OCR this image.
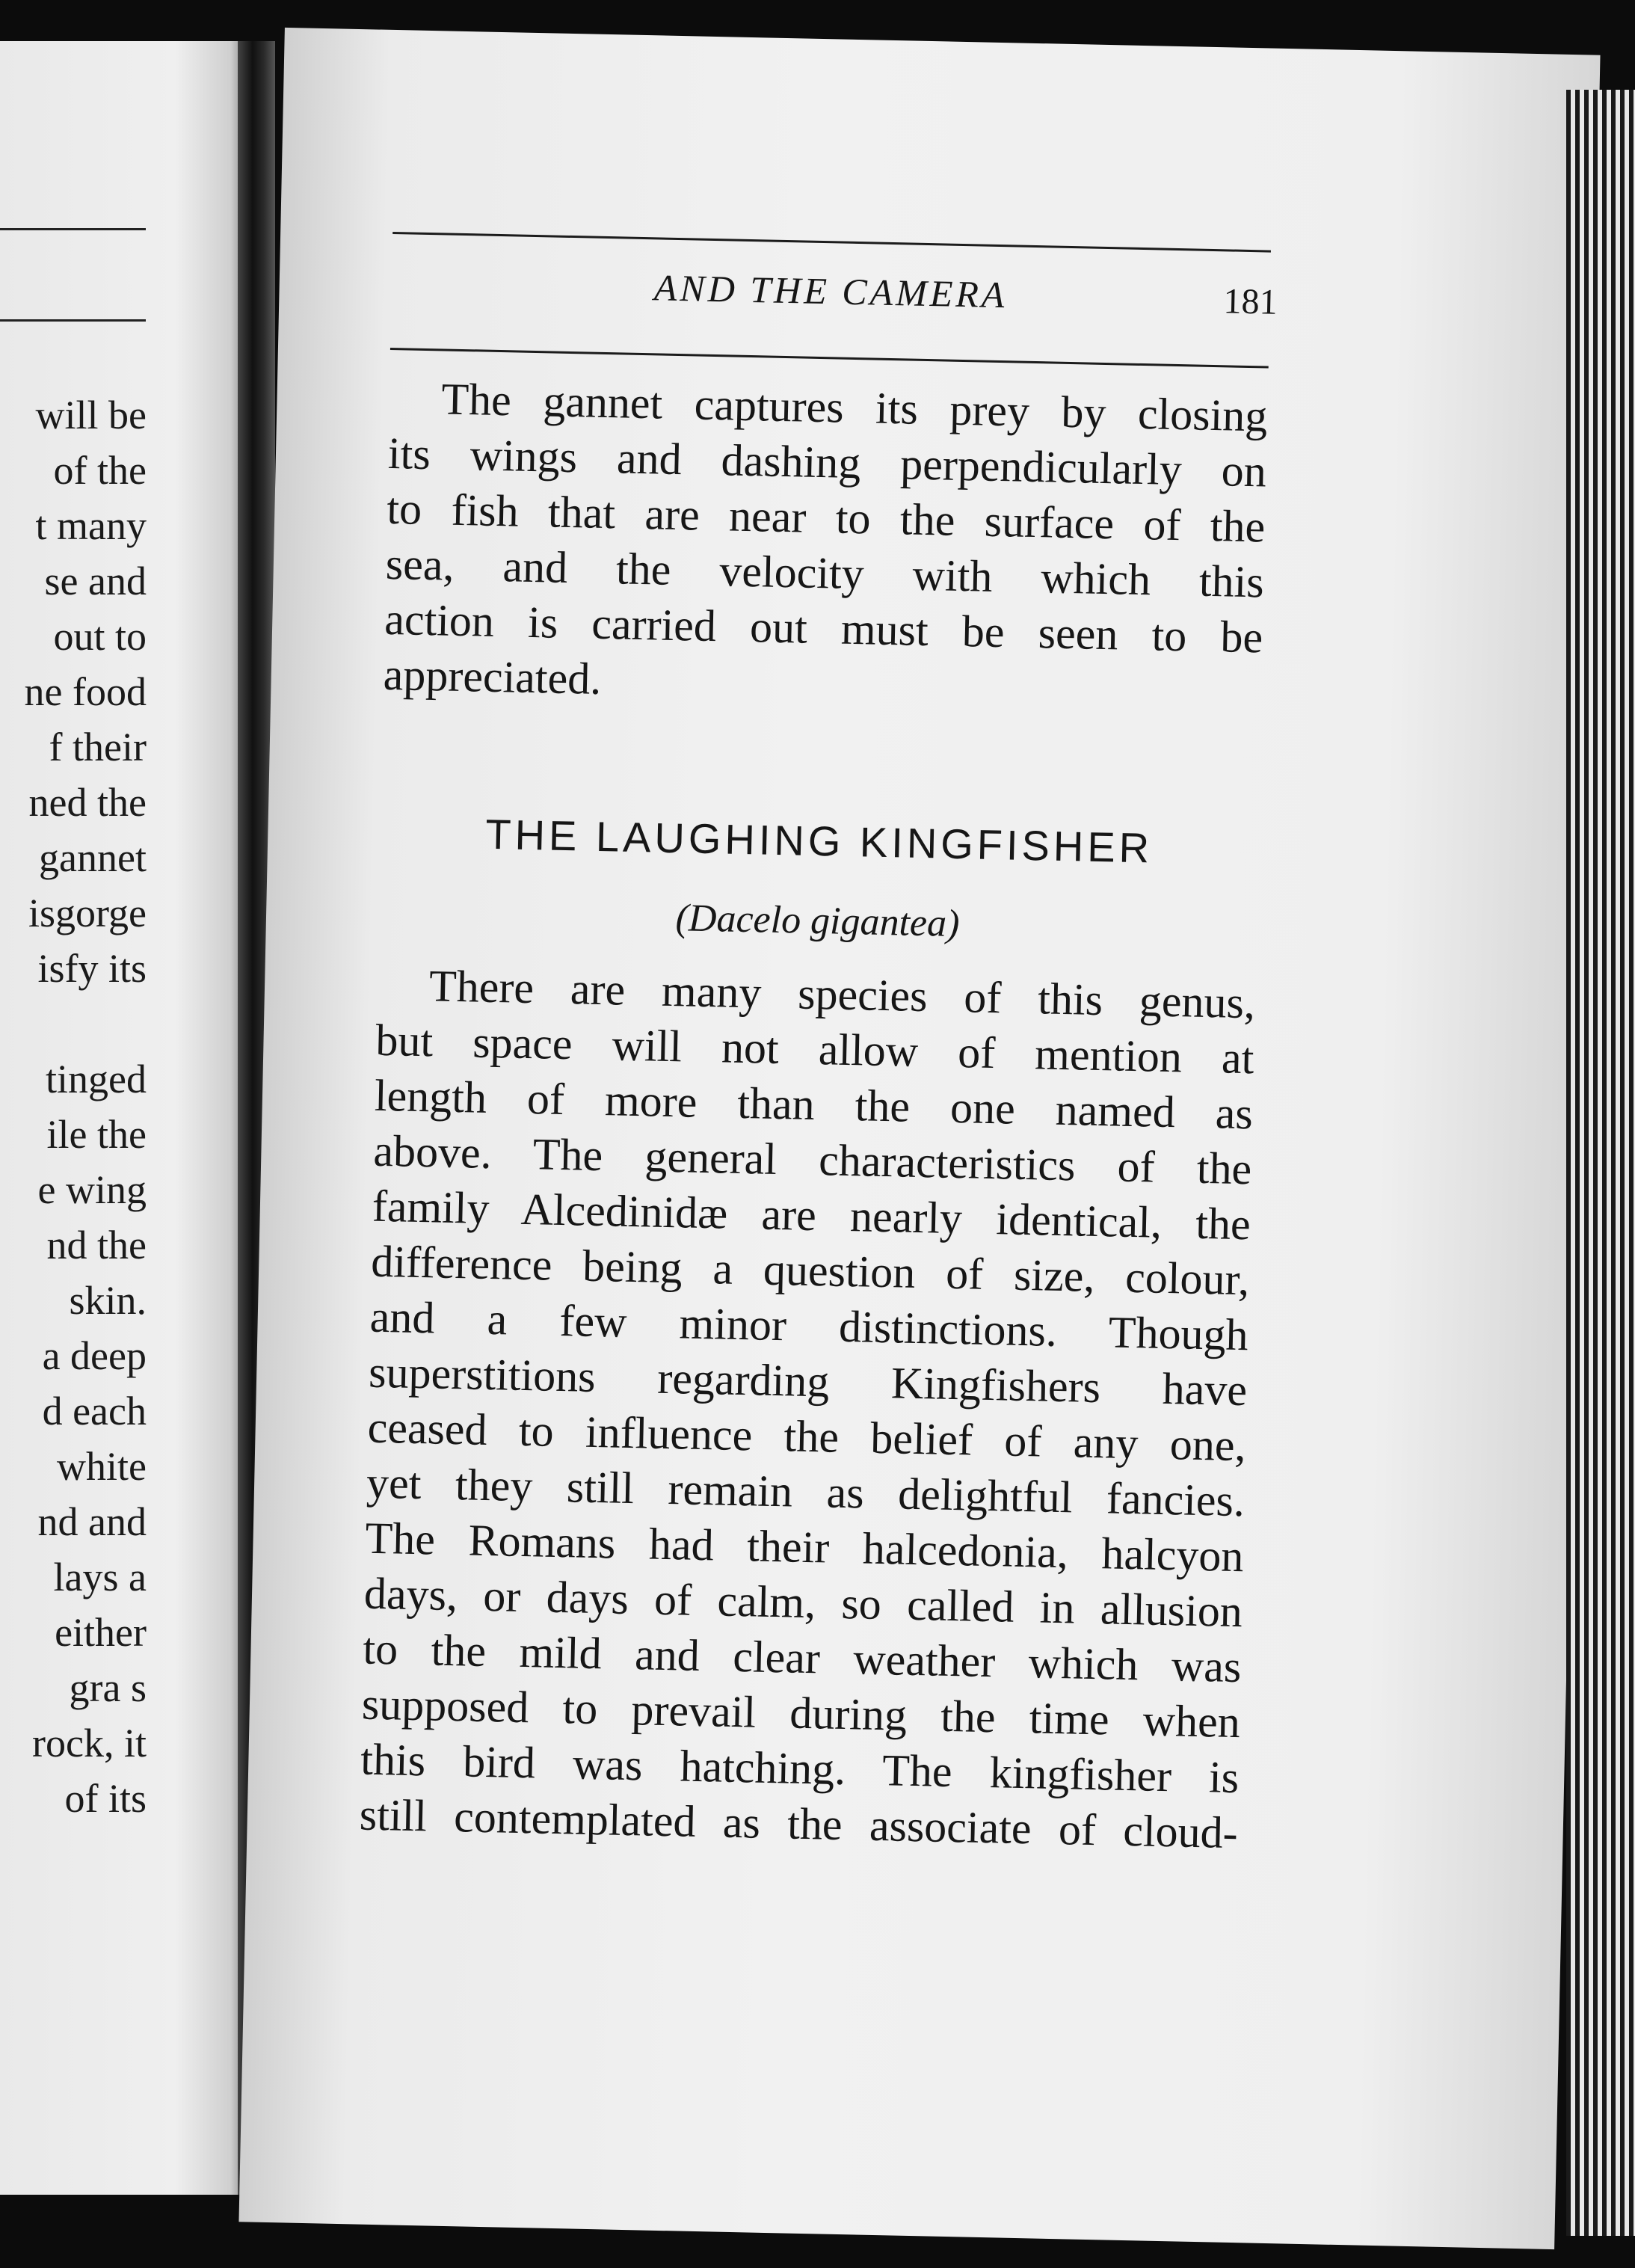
will be
of the
t many
se and
out to
ne food
f their
ned the
gannet
isgorge
isfy its
tinged
ile the
e wing
nd the
skin.
a deep
d each
white
nd and
lays a
either
gra s
rock, it
of its
AND THE CAMERA	181
The gannet captures its prey by closing
its wings and dashing perpendicularly on
to fish that are near to the surface of the
sea, and the velocity with which this
action is carried out must be seen to be
appreciated.
THE LAUGHING KINGFISHER
(Dacelo gigantea)
There are many species of this genus,
but space will not allow of mention at
length of more than the one named as
above. The general characteristics of the
family Alcedinidæ are nearly identical, the
difference being a question of size, colour,
and a few minor distinctions. Though
superstitions regarding Kingfishers have
ceased to influence the belief of any one,
yet they still remain as delightful fancies.
The Romans had their halcedonia, halcyon
days, or days of calm, so called in allusion
to the mild and clear weather which was
supposed to prevail during the time when
this bird was hatching. The kingfisher is
still contemplated as the associate of cloud-
